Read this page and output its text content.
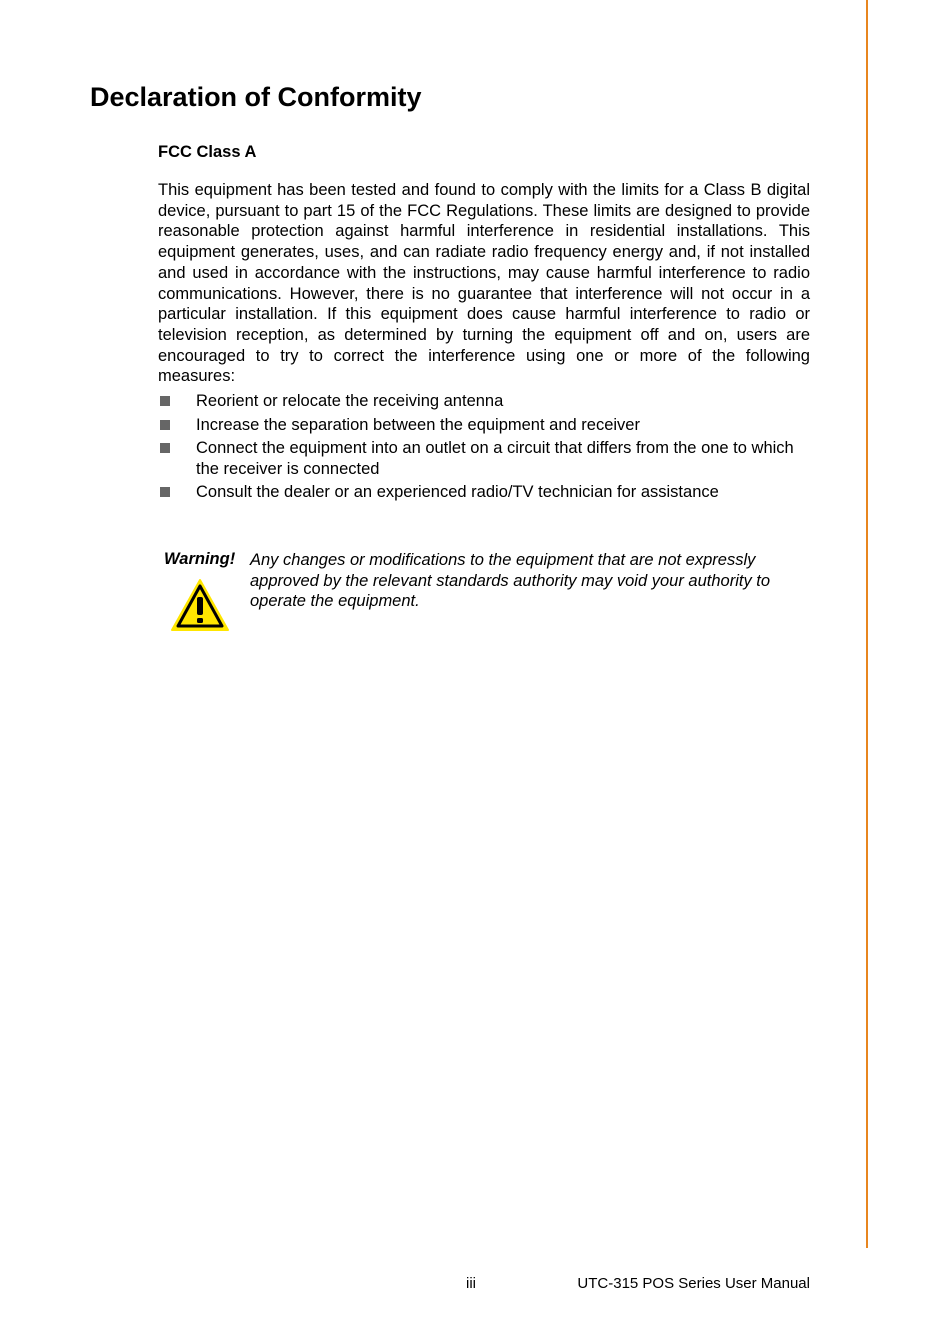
Declaration of Conformity
FCC Class A

This equipment has been tested and found to comply with the limits for a Class B digital device, pursuant to part 15 of the FCC Regulations. These limits are designed to provide reasonable protection against harmful interference in residential installations. This equipment generates, uses, and can radiate radio frequency energy and, if not installed and used in accordance with the instructions, may cause harmful interference to radio communications. However, there is no guarantee that interference will not occur in a particular installation. If this equipment does cause harmful interference to radio or television reception, as determined by turning the equipment off and on, users are encouraged to try to correct the interference using one or more of the following measures:

Reorient or relocate the receiving antenna
Increase the separation between the equipment and receiver
Connect the equipment into an outlet on a circuit that differs from the one to which the receiver is connected
Consult the dealer or an experienced radio/TV technician for assistance
Warning! Any changes or modifications to the equipment that are not expressly approved by the relevant standards authority may void your authority to operate the equipment.

iii	UTC-315 POS Series User Manual
